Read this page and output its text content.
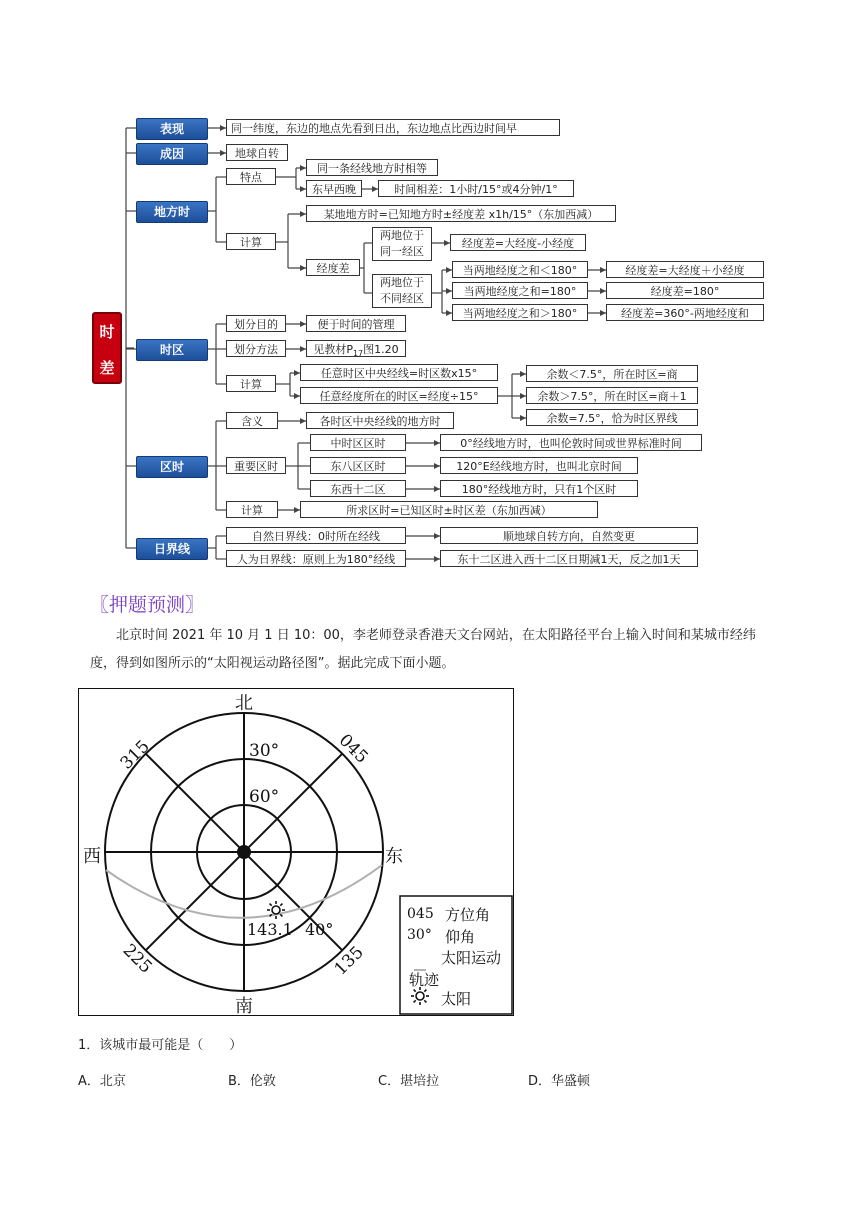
时
差
表现
成因
地方时
时区
区时
日界线
同一纬度，东边的地点先看到日出，东边地点比西边时间早
地球自转
特点
同一条经线地方时相等
东早西晚	时间相差：1小时/15°或4分钟/1°
计算
某地地方时=已知地方时±经度差 x1h/15°（东加西减）
经度差
两地位于同一经区
经度差=大经度-小经度
两地位于不同经区
当两地经度之和＜180°
当两地经度之和=180°
当两地经度之和＞180°
经度差=大经度＋小经度
经度差=180°
经度差=360°-两地经度和
划分目的	便于时间的管理
划分方法	见教材$P_{17}$图1.20
计算
任意时区中央经线=时区数x15°
任意经度所在的时区=经度÷15°
余数＜7.5°，所在时区=商
余数＞7.5°，所在时区=商＋1
余数=7.5°，恰为时区界线
含义	各时区中央经线的地方时
重要区时
中时区区时	0°经线地方时，也叫伦敦时间或世界标准时间
东八区区时	120°E经线地方时，也叫北京时间
东西十二区	180°经线地方时，只有1个区时
计算	所求区时=已知区时±时区差（东加西减）
自然日界线：0时所在经线	顺地球自转方向，自然变更
人为日界线：原则上为180°经线	东十二区进入西十二区日期减1天，反之加1天
〖押题预测〗
北京时间 2021 年 10 月 1 日 10：00，李老师登录香港天文台网站，在太阳路径平台上输入时间和某城市经纬度，得到如图所示的“太阳视运动路径图”。据此完成下面小题。
北
南
西	东
315	045
225	135
30°
60°
143.1 40°
045 方位角
30° 仰角
太阳运动
轨迹
太阳
1．该城市最可能是（　　）
A．北京	B．伦敦	C．堪培拉	D．华盛顿
